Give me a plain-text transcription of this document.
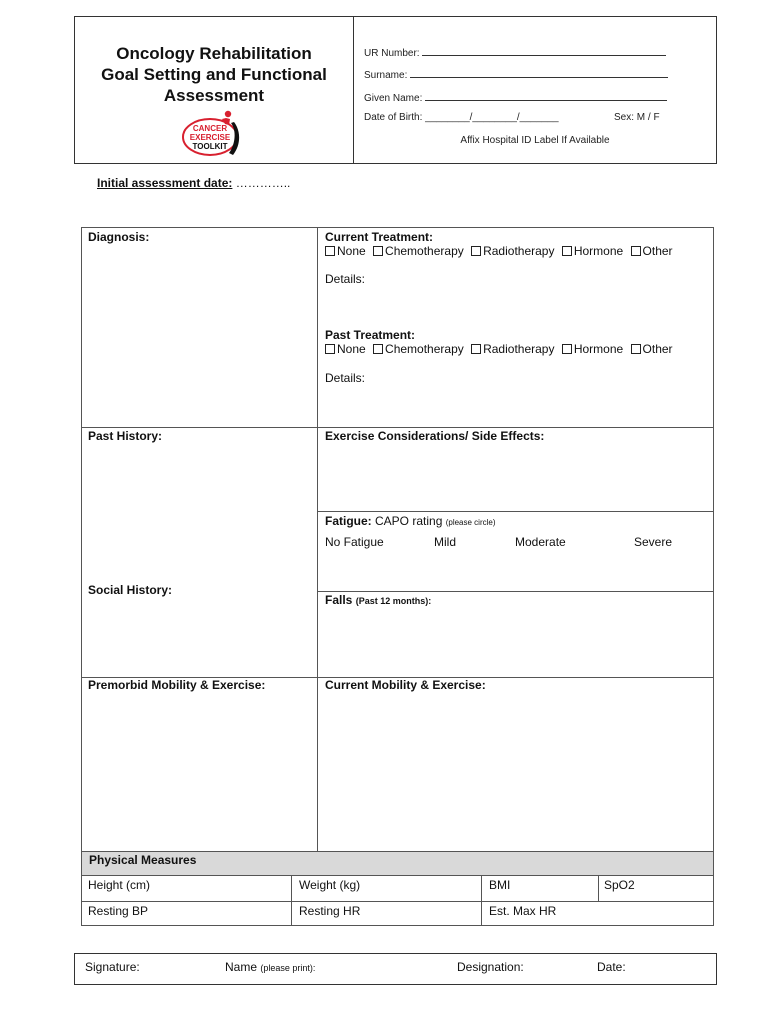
Oncology Rehabilitation
Goal Setting and Functional
Assessment
CANCER
EXERCISE
TOOLKIT
UR Number:
Surname:
Given Name:
Date of Birth: ________/________/_______	Sex: M / F
Affix Hospital ID Label If Available
Initial assessment date: …………..
Diagnosis:	Current Treatment:
None Chemotherapy Radiotherapy Hormone Other
Details:
Past Treatment:
None Chemotherapy Radiotherapy Hormone Other
Details:
Past History:	Exercise Considerations/ Side Effects:
Fatigue: CAPO rating (please circle)
No Fatigue	Mild	Moderate	Severe
Social History:
Falls (Past 12 months):
Premorbid Mobility & Exercise:	Current Mobility & Exercise:
Physical Measures
Height (cm)	Weight (kg)	BMI	SpO2
Resting BP	Resting HR	Est. Max HR
Signature:	Name (please print):	Designation:	Date:
